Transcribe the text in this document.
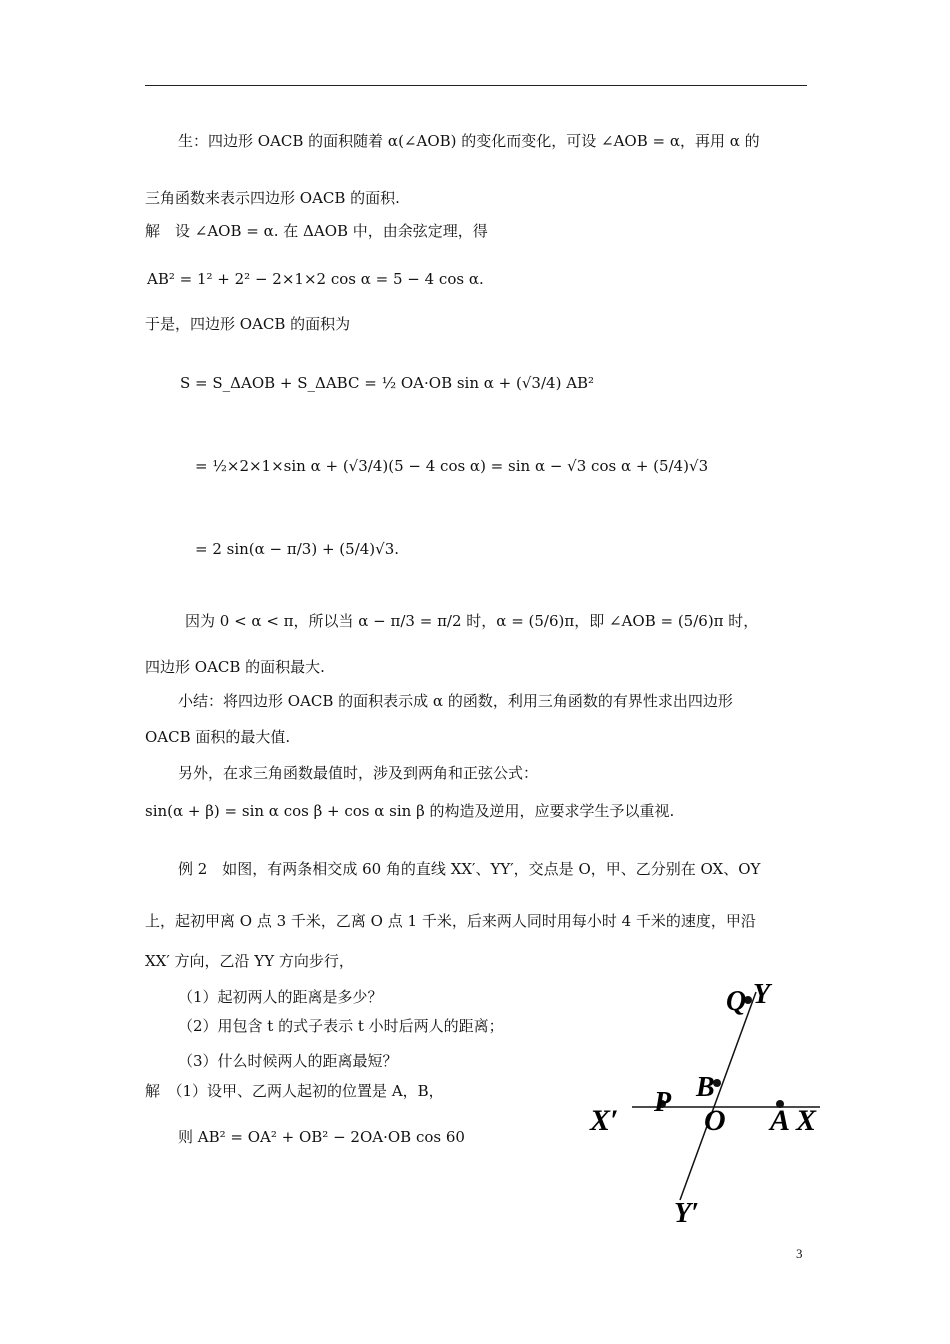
生：四边形 OACB 的面积随着 α(∠AOB) 的变化而变化，可设 ∠AOB = α，再用 α 的
三角函数来表示四边形 OACB 的面积.
解　设 ∠AOB = α. 在 ΔAOB 中，由余弦定理，得
AB² = 1² + 2² − 2×1×2 cos α = 5 − 4 cos α.
于是，四边形 OACB 的面积为
S = S_ΔAOB + S_ΔABC = ½ OA·OB sin α + (√3/4) AB²
= ½×2×1×sin α + (√3/4)(5 − 4 cos α) = sin α − √3 cos α + (5/4)√3
= 2 sin(α − π/3) + (5/4)√3.
因为 0 < α < π，所以当 α − π/3 = π/2 时，α = (5/6)π，即 ∠AOB = (5/6)π 时，
四边形 OACB 的面积最大.
小结：将四边形 OACB 的面积表示成 α 的函数，利用三角函数的有界性求出四边形
OACB 面积的最大值.
另外，在求三角函数最值时，涉及到两角和正弦公式：
sin(α + β) = sin α cos β + cos α sin β 的构造及逆用，应要求学生予以重视.
例 2　如图，有两条相交成 60 角的直线 XX′、YY′，交点是 O，甲、乙分别在 OX、OY
上，起初甲离 O 点 3 千米，乙离 O 点 1 千米，后来两人同时用每小时 4 千米的速度，甲沿
XX′ 方向，乙沿 YY 方向步行，
（1）起初两人的距离是多少？
（2）用包含 t 的式子表示 t 小时后两人的距离；
（3）什么时候两人的距离最短？
解　（1）设甲、乙两人起初的位置是 A，B，
则 AB² = OA² + OB² − 2OA·OB cos 60
Q Y
B
P
X′	O A X
Y′
3
